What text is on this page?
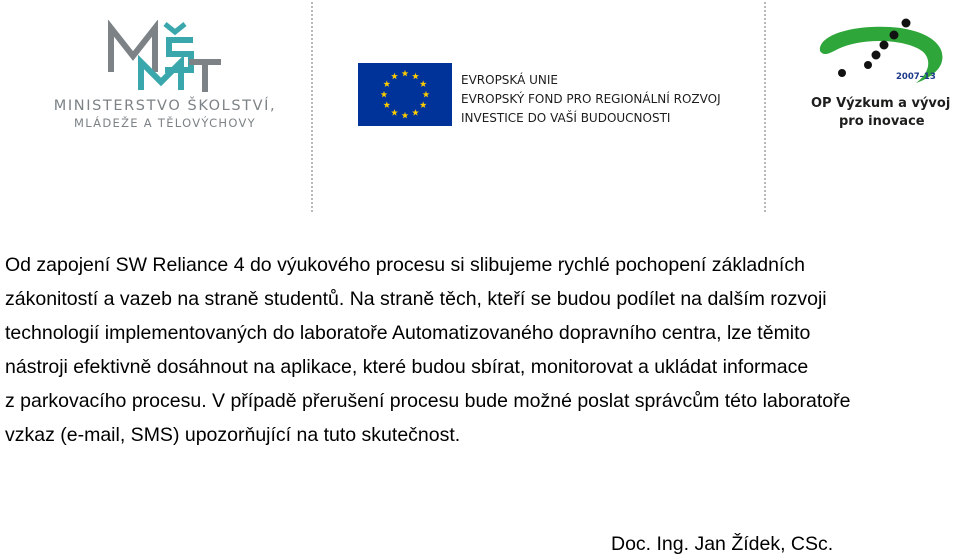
MINISTERSTVO ŠKOLSTVÍ,
MLÁDEŽE A TĚLOVÝCHOVY
EVROPSKÁ UNIE
EVROPSKÝ FOND PRO REGIONÁLNÍ ROZVOJ
INVESTICE DO VAŠÍ BUDOUCNOSTI
2007–13
OP Výzkum a vývoj
pro inovace
Od zapojení SW Reliance 4 do výukového procesu si slibujeme rychlé pochopení základních
zákonitostí a vazeb na straně studentů. Na straně těch, kteří se budou podílet na dalším rozvoji
technologií implementovaných do laboratoře Automatizovaného dopravního centra, lze těmito
nástroji efektivně dosáhnout na aplikace, které budou sbírat, monitorovat a ukládat informace
z parkovacího procesu. V případě přerušení procesu bude možné poslat správcům této laboratoře
vzkaz (e-mail, SMS) upozorňující na tuto skutečnost.
Doc. Ing. Jan Žídek, CSc.
